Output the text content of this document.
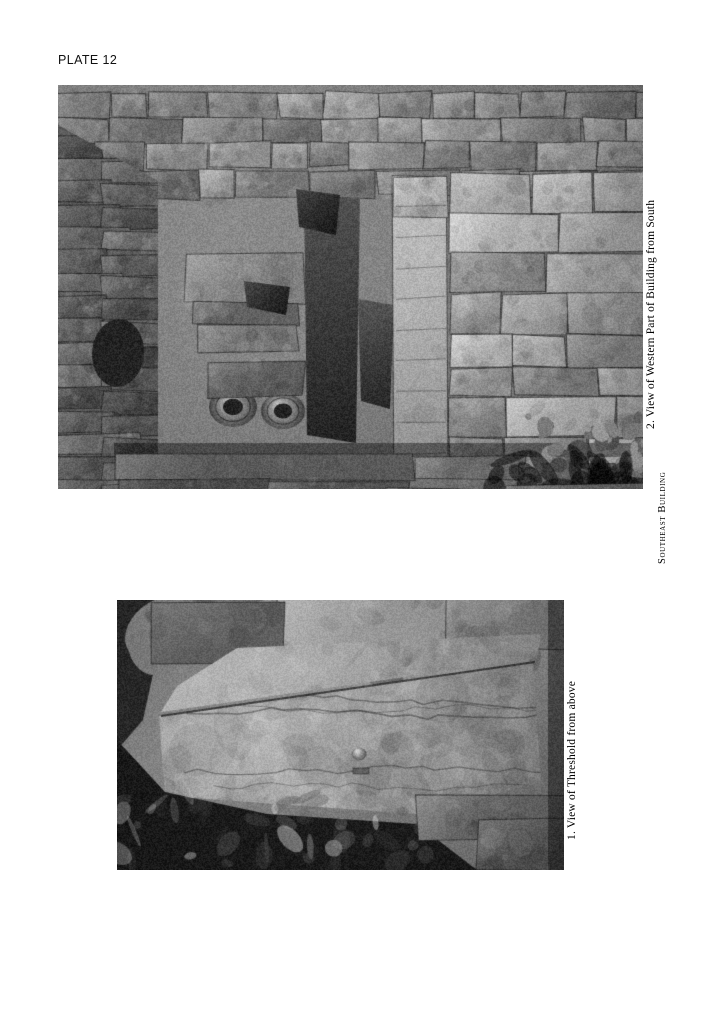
PLATE 12
2. View of Western Part of Building from South
Southeast Building
1. View of Threshold from above
